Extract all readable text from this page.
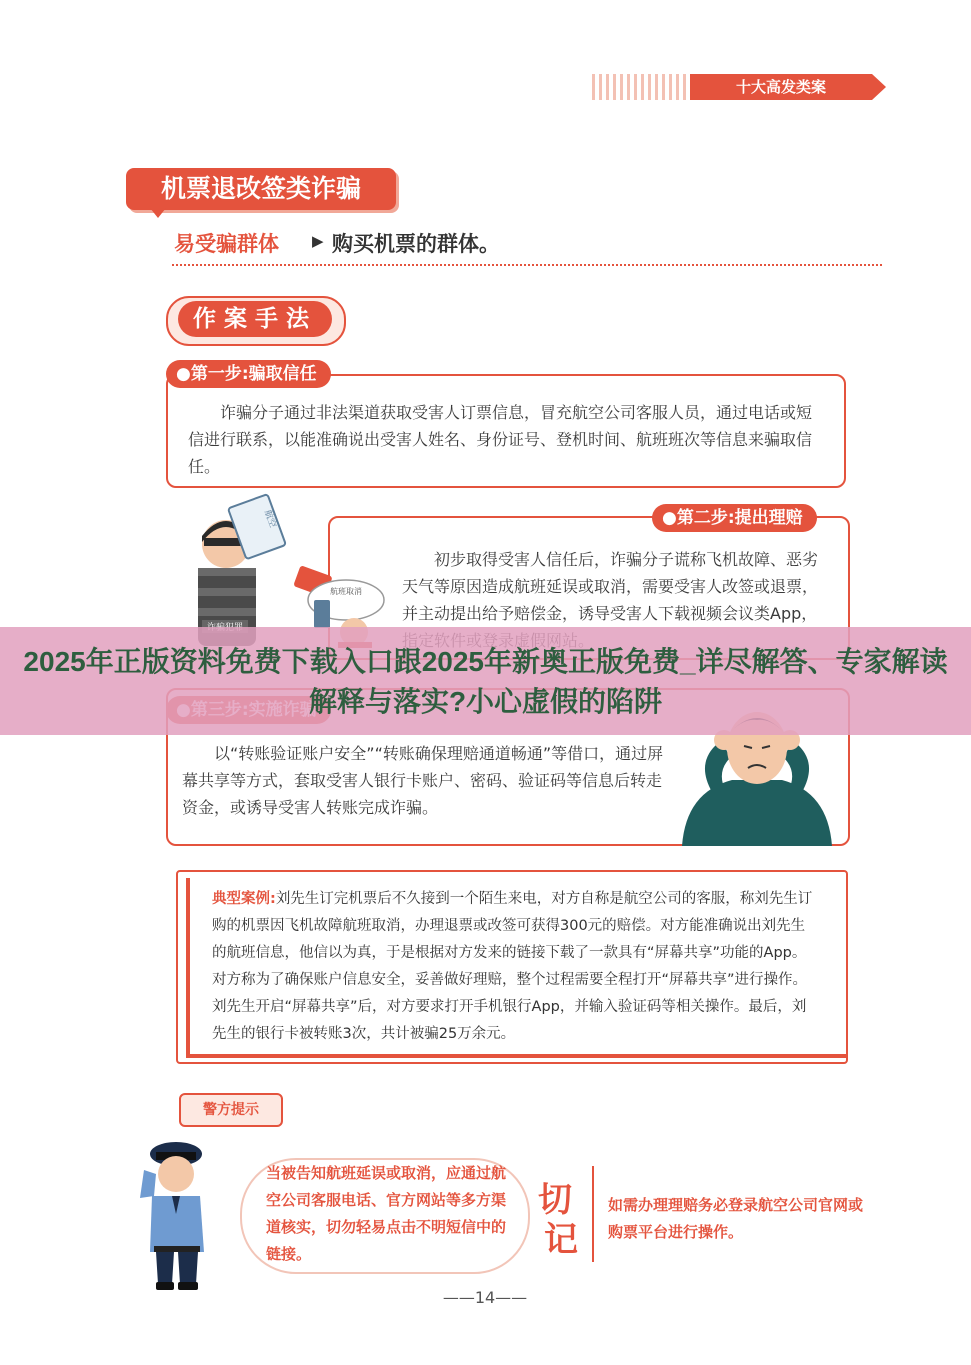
十大高发类案
机票退改签类诈骗
易受骗群体 ▶ 购买机票的群体。
作案手法
●第一步:骗取信任
诈骗分子通过非法渠道获取受害人订票信息，冒充航空公司客服人员，通过电话或短信进行联系，以能准确说出受害人姓名、身份证号、登机时间、航班班次等信息来骗取信任。
●第二步:提出理赔
初步取得受害人信任后，诈骗分子谎称飞机故障、恶劣天气等原因造成航班延误或取消，需要受害人改签或退票，并主动提出给予赔偿金，诱导受害人下载视频会议类App，
航空
航班取消
以“转账验证账户安全”“转账确保理赔通道畅通”等借口，通过屏幕共享等方式，套取受害人银行卡账户、密码、验证码等信息后转走资金，或诱导受害人转账完成诈骗。
典型案例:刘先生订完机票后不久接到一个陌生来电，对方自称是航空公司的客服，称刘先生订购的机票因飞机故障航班取消，办理退票或改签可获得300元的赔偿。对方能准确说出刘先生的航班信息，他信以为真，于是根据对方发来的链接下载了一款具有“屏幕共享”功能的App。对方称为了确保账户信息安全，妥善做好理赔，整个过程需要全程打开“屏幕共享”进行操作。刘先生开启“屏幕共享”后，对方要求打开手机银行App，并输入验证码等相关操作。最后，刘先生的银行卡被转账3次，共计被骗25万余元。
警方提示
当被告知航班延误或取消，应通过航空公司客服电话、官方网站等多方渠道核实，切勿轻易点击不明短信中的链接。
切
记
如需办理理赔务必登录航空公司官网或购票平台进行操作。
——14——
2025年正版资料免费下载入口跟2025年新奥正版免费_详尽解答、专家解读解释与落实?小心虚假的陷阱
